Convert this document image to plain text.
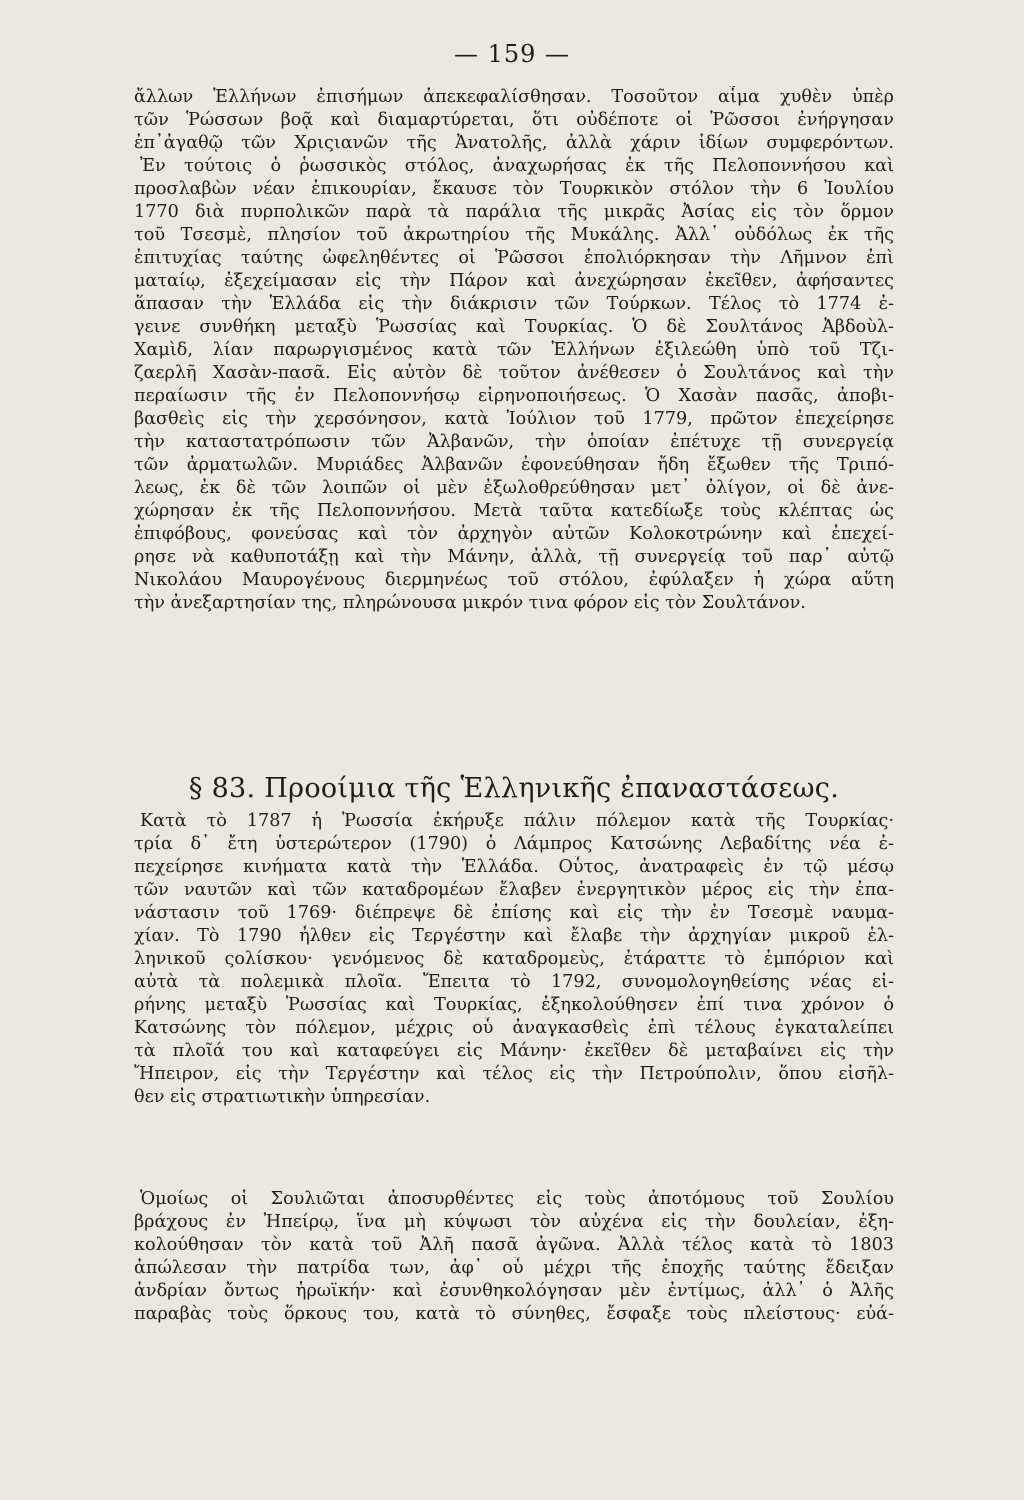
— 159 —
ἄλλων Ἑλλήνων ἐπισήμων ἀπεκεφαλίσθησαν. Τοσοῦτον αἷμα χυθὲν ὑπὲρ
τῶν Ῥώσσων βοᾷ καὶ διαμαρτύρεται, ὅτι οὐδέποτε οἱ Ῥῶσσοι ἐνήργησαν
ἐπ᾽ἀγαθῷ τῶν Χριςιανῶν τῆς Ἀνατολῆς, ἀλλὰ χάριν ἰδίων συμφερόντων.
Ἐν τούτοις ὁ ῥωσσικὸς στόλος, ἀναχωρήσας ἐκ τῆς Πελοποννήσου καὶ
προσλαβὼν νέαν ἐπικουρίαν, ἔκαυσε τὸν Τουρκικὸν στόλον τὴν 6 Ἰουλίου
1770 διὰ πυρπολικῶν παρὰ τὰ παράλια τῆς μικρᾶς Ἀσίας εἰς τὸν ὅρμον
τοῦ Τσεσμὲ, πλησίον τοῦ ἀκρωτηρίου τῆς Μυκάλης. Ἀλλ᾽ οὐδόλως ἐκ τῆς
ἐπιτυχίας ταύτης ὠφεληθέντες οἱ Ῥῶσσοι ἐπολιόρκησαν τὴν Λῆμνον ἐπὶ
ματαίῳ, ἐξεχείμασαν εἰς τὴν Πάρον καὶ ἀνεχώρησαν ἐκεῖθεν, ἀφήσαντες
ἅπασαν τὴν Ἑλλάδα εἰς τὴν διάκρισιν τῶν Τούρκων. Τέλος τὸ 1774 ἐ-
γεινε συνθήκη μεταξὺ Ῥωσσίας καὶ Τουρκίας. Ὁ δὲ Σουλτάνος Ἀβδοὺλ-
Χαμὶδ, λίαν παρωργισμένος κατὰ τῶν Ἑλλήνων ἐξιλεώθη ὑπὸ τοῦ Τζι-
ζαερλῆ Χασὰν-πασᾶ. Εἰς αὐτὸν δὲ τοῦτον ἀνέθεσεν ὁ Σουλτάνος καὶ τὴν
περαίωσιν τῆς ἐν Πελοποννήσῳ εἰρηνοποιήσεως. Ὁ Χασὰν πασᾶς, ἀποβι-
βασθεὶς εἰς τὴν χερσόνησον, κατὰ Ἰούλιον τοῦ 1779, πρῶτον ἐπεχείρησε
τὴν καταστατρόπωσιν τῶν Ἀλβανῶν, τὴν ὁποίαν ἐπέτυχε τῇ συνεργείᾳ
τῶν ἀρματωλῶν. Μυριάδες Ἀλβανῶν ἐφονεύθησαν ἤδη ἔξωθεν τῆς Τριπό-
λεως, ἐκ δὲ τῶν λοιπῶν οἱ μὲν ἐξωλοθρεύθησαν μετ᾽ ὀλίγον, οἱ δὲ ἀνε-
χώρησαν ἐκ τῆς Πελοποννήσου. Μετὰ ταῦτα κατεδίωξε τοὺς κλέπτας ὡς
ἐπιφόβους, φονεύσας καὶ τὸν ἀρχηγὸν αὐτῶν Κολοκοτρώνην καὶ ἐπεχεί-
ρησε νὰ καθυποτάξῃ καὶ τὴν Μάνην, ἀλλὰ, τῇ συνεργείᾳ τοῦ παρ᾽ αὐτῷ
Νικολάου Μαυρογένους διερμηνέως τοῦ στόλου, ἐφύλαξεν ἡ χώρα αὕτη
τὴν ἀνεξαρτησίαν της, πληρώνουσα μικρόν τινα φόρον εἰς τὸν Σουλτάνον.
§ 83. Προοίμια τῆς Ἑλληνικῆς ἐπαναστάσεως.
Κατὰ τὸ 1787 ἡ Ῥωσσία ἐκήρυξε πάλιν πόλεμον κατὰ τῆς Τουρκίας·
τρία δ᾽ ἔτη ὑστερώτερον (1790) ὁ Λάμπρος Κατσώνης Λεβαδίτης νέα ἐ-
πεχείρησε κινήματα κατὰ τὴν Ἑλλάδα. Οὗτος, ἀνατραφεὶς ἐν τῷ μέσῳ
τῶν ναυτῶν καὶ τῶν καταδρομέων ἔλαβεν ἐνεργητικὸν μέρος εἰς τὴν ἐπα-
νάστασιν τοῦ 1769· διέπρεψε δὲ ἐπίσης καὶ εἰς τὴν ἐν Τσεσμὲ ναυμα-
χίαν. Τὸ 1790 ἦλθεν εἰς Τεργέστην καὶ ἔλαβε τὴν ἀρχηγίαν μικροῦ ἑλ-
ληνικοῦ ςολίσκου· γενόμενος δὲ καταδρομεὺς, ἐτάραττε τὸ ἐμπόριον καὶ
αὐτὰ τὰ πολεμικὰ πλοῖα. Ἔπειτα τὸ 1792, συνομολογηθείσης νέας εἰ-
ρήνης μεταξὺ Ῥωσσίας καὶ Τουρκίας, ἐξηκολούθησεν ἐπί τινα χρόνον ὁ
Κατσώνης τὸν πόλεμον, μέχρις οὗ ἀναγκασθεὶς ἐπὶ τέλους ἐγκαταλείπει
τὰ πλοῖά του καὶ καταφεύγει εἰς Μάνην· ἐκεῖθεν δὲ μεταβαίνει εἰς τὴν
Ἤπειρον, εἰς τὴν Τεργέστην καὶ τέλος εἰς τὴν Πετρούπολιν, ὅπου εἰσῆλ-
θεν εἰς στρατιωτικὴν ὑπηρεσίαν.
Ὁμοίως οἱ Σουλιῶται ἀποσυρθέντες εἰς τοὺς ἀποτόμους τοῦ Σουλίου
βράχους ἐν Ἠπείρῳ, ἵνα μὴ κύψωσι τὸν αὐχένα εἰς τὴν δουλείαν, ἐξη-
κολούθησαν τὸν κατὰ τοῦ Ἀλῆ πασᾶ ἀγῶνα. Ἀλλὰ τέλος κατὰ τὸ 1803
ἀπώλεσαν τὴν πατρίδα των, ἀφ᾽ οὗ μέχρι τῆς ἐποχῆς ταύτης ἔδειξαν
ἀνδρίαν ὄντως ἡρωϊκήν· καὶ ἐσυνθηκολόγησαν μὲν ἐντίμως, ἀλλ᾽ ὁ Ἀλῆς
παραβὰς τοὺς ὅρκους του, κατὰ τὸ σύνηθες, ἔσφαξε τοὺς πλείστους· εὐά-
